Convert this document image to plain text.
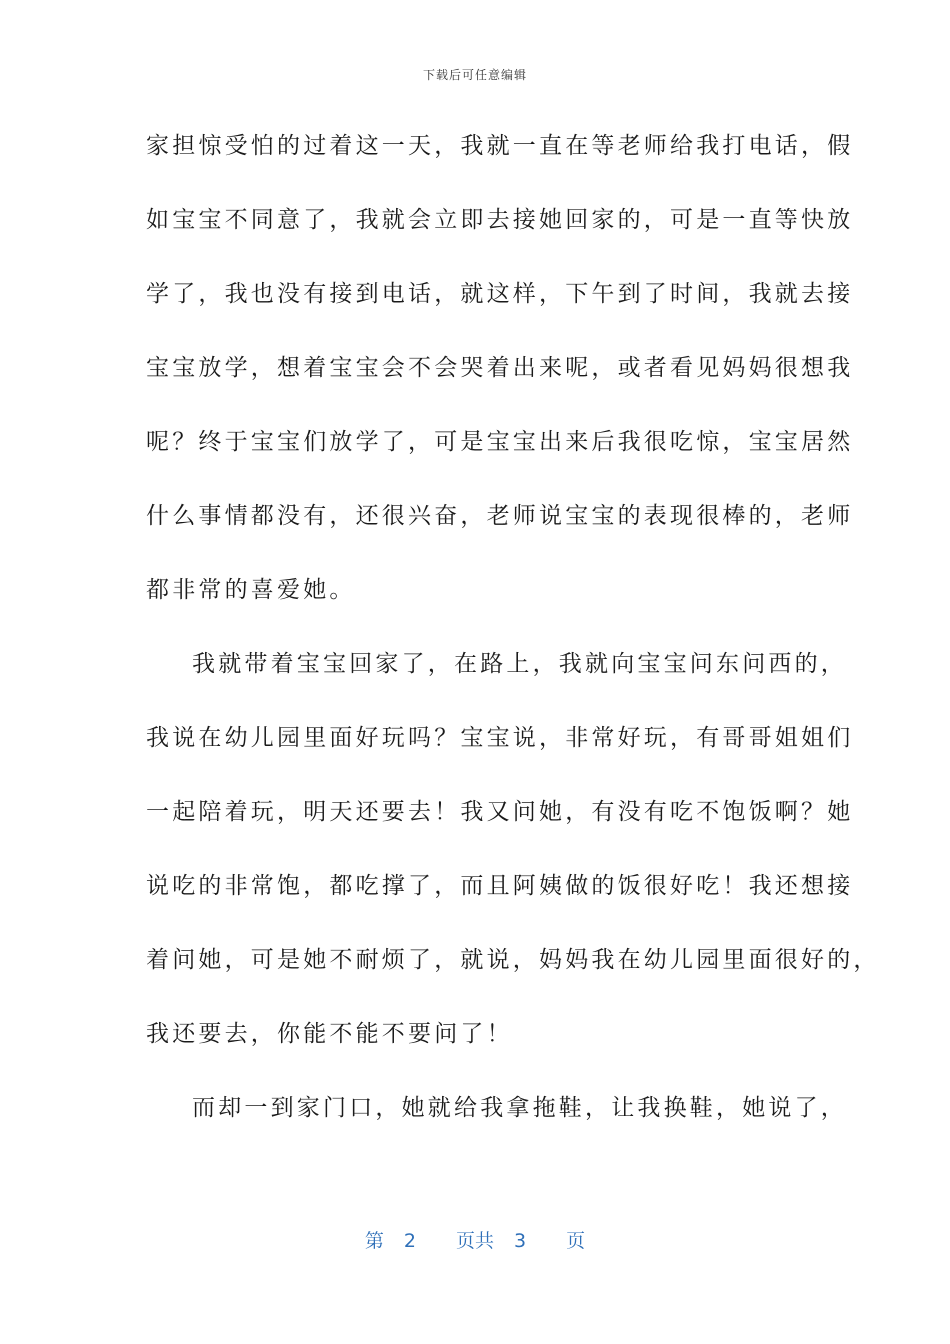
下载后可任意编辑
家担惊受怕的过着这一天，我就一直在等老师给我打电话，假
如宝宝不同意了，我就会立即去接她回家的，可是一直等快放
学了，我也没有接到电话，就这样，下午到了时间，我就去接
宝宝放学，想着宝宝会不会哭着出来呢，或者看见妈妈很想我
呢？终于宝宝们放学了，可是宝宝出来后我很吃惊，宝宝居然
什么事情都没有，还很兴奋，老师说宝宝的表现很棒的，老师
都非常的喜爱她。
我就带着宝宝回家了，在路上，我就向宝宝问东问西的，
我说在幼儿园里面好玩吗？宝宝说，非常好玩，有哥哥姐姐们
一起陪着玩，明天还要去！我又问她，有没有吃不饱饭啊？她
说吃的非常饱，都吃撑了，而且阿姨做的饭很好吃！我还想接
着问她，可是她不耐烦了，就说，妈妈我在幼儿园里面很好的，
我还要去，你能不能不要问了！
而却一到家门口，她就给我拿拖鞋，让我换鞋，她说了，
第 2 页共 3 页
